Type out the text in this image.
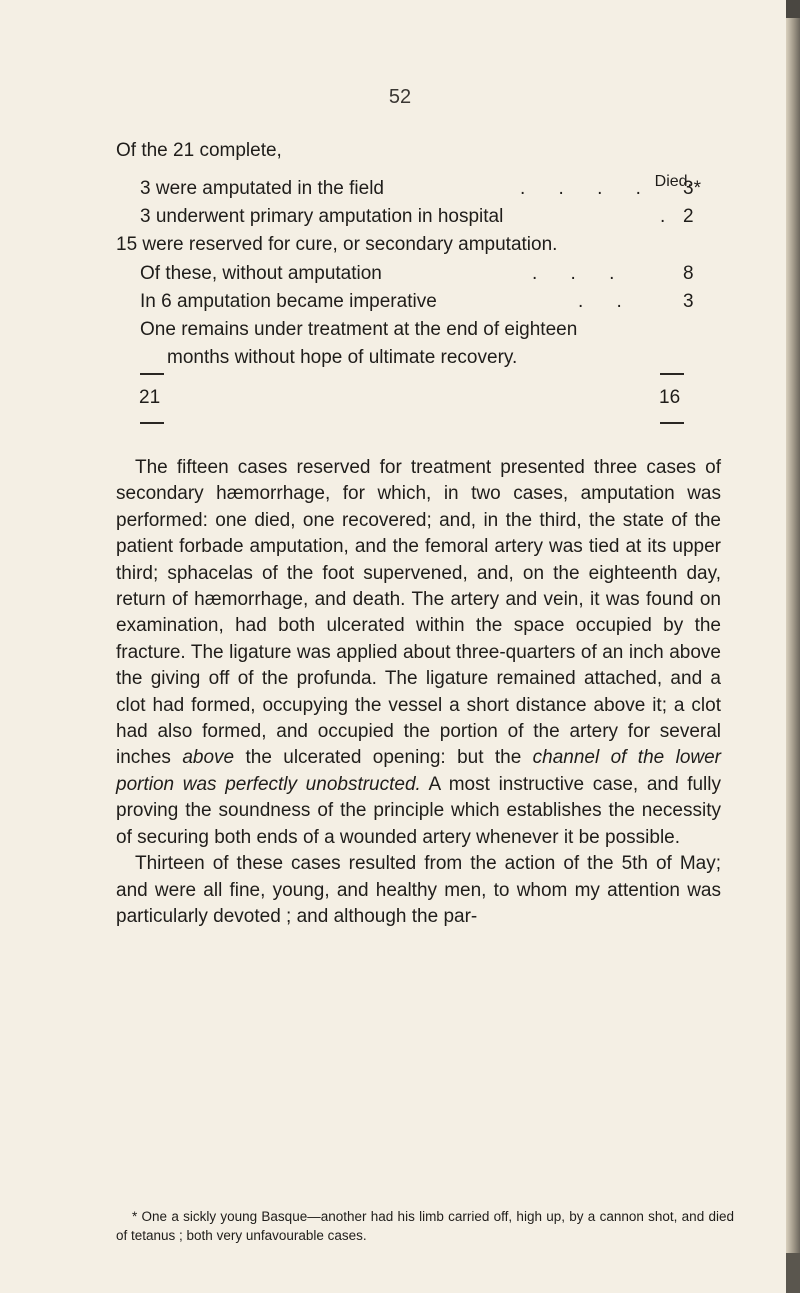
52
Of the 21 complete,
Died.
3 were amputated in the field	. . . . 3*
3 underwent primary amputation in hospital	. 2
15 were reserved for cure, or secondary amputation.
Of these, without amputation	. . .	8
In 6 amputation became imperative	. . 3
One remains under treatment at the end of eighteen
months without hope of ultimate recovery.
21	16

The fifteen cases reserved for treatment presented three cases of secondary hæmorrhage, for which, in two cases, amputation was performed: one died, one recovered; and, in the third, the state of the patient forbade amputation, and the femoral artery was tied at its upper third; sphacelas of the foot supervened, and, on the eighteenth day, return of hæmorrhage, and death. The artery and vein, it was found on examination, had both ulcerated within the space occupied by the fracture. The ligature was applied about three-quarters of an inch above the giving off of the profunda. The ligature remained attached, and a clot had formed, occupying the vessel a short distance above it; a clot had also formed, and occupied the portion of the artery for several inches above the ulcerated opening: but the channel of the lower portion was perfectly unobstructed. A most instructive case, and fully proving the soundness of the principle which establishes the necessity of securing both ends of a wounded artery whenever it be possible.

Thirteen of these cases resulted from the action of the 5th of May; and were all fine, young, and healthy men, to whom my attention was particularly devoted ; and although the par-

* One a sickly young Basque—another had his limb carried off, high up, by a cannon shot, and died of tetanus ; both very unfavourable cases.
